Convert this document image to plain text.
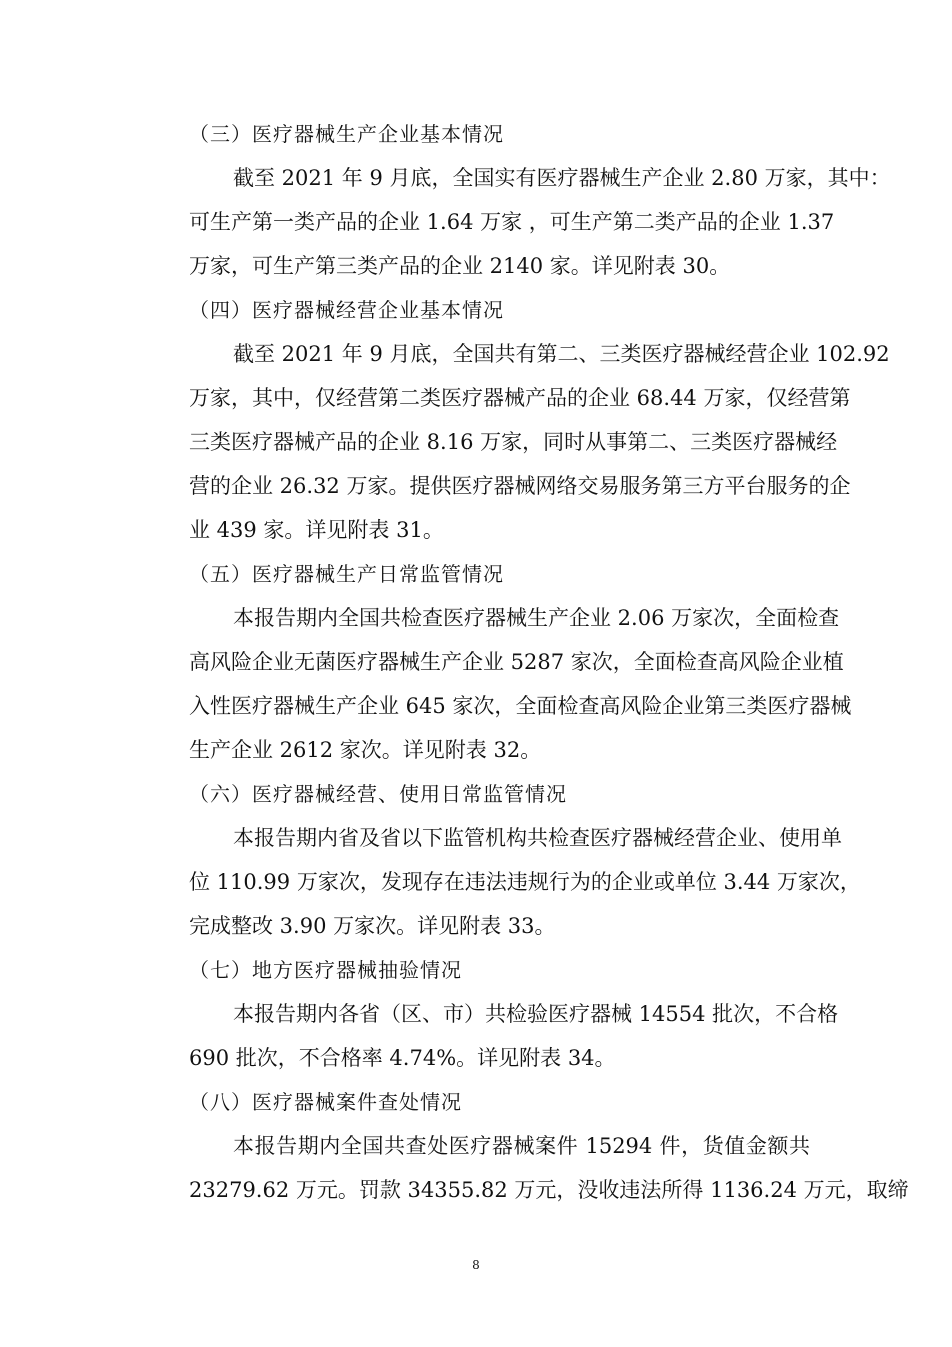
（三）医疗器械生产企业基本情况

截至 2021 年 9 月底，全国实有医疗器械生产企业 2.80 万家，其中：
可生产第一类产品的企业 1.64 万家 ，可生产第二类产品的企业 1.37
万家，可生产第三类产品的企业 2140 家。详见附表 30。

（四）医疗器械经营企业基本情况

截至 2021 年 9 月底，全国共有第二、三类医疗器械经营企业 102.92
万家，其中，仅经营第二类医疗器械产品的企业 68.44 万家，仅经营第
三类医疗器械产品的企业 8.16 万家，同时从事第二、三类医疗器械经
营的企业 26.32 万家。提供医疗器械网络交易服务第三方平台服务的企
业 439 家。详见附表 31。

（五）医疗器械生产日常监管情况

本报告期内全国共检查医疗器械生产企业 2.06 万家次，全面检查
高风险企业无菌医疗器械生产企业 5287 家次，全面检查高风险企业植
入性医疗器械生产企业 645 家次，全面检查高风险企业第三类医疗器械
生产企业 2612 家次。详见附表 32。

（六）医疗器械经营、使用日常监管情况

本报告期内省及省以下监管机构共检查医疗器械经营企业、使用单
位 110.99 万家次，发现存在违法违规行为的企业或单位 3.44 万家次，
完成整改 3.90 万家次。详见附表 33。

（七）地方医疗器械抽验情况

本报告期内各省（区、市）共检验医疗器械 14554 批次，不合格
690 批次，不合格率 4.74%。详见附表 34。

（八）医疗器械案件查处情况

本报告期内全国共查处医疗器械案件 15294 件，货值金额共
23279.62 万元。罚款 34355.82 万元，没收违法所得 1136.24 万元，取缔
8
